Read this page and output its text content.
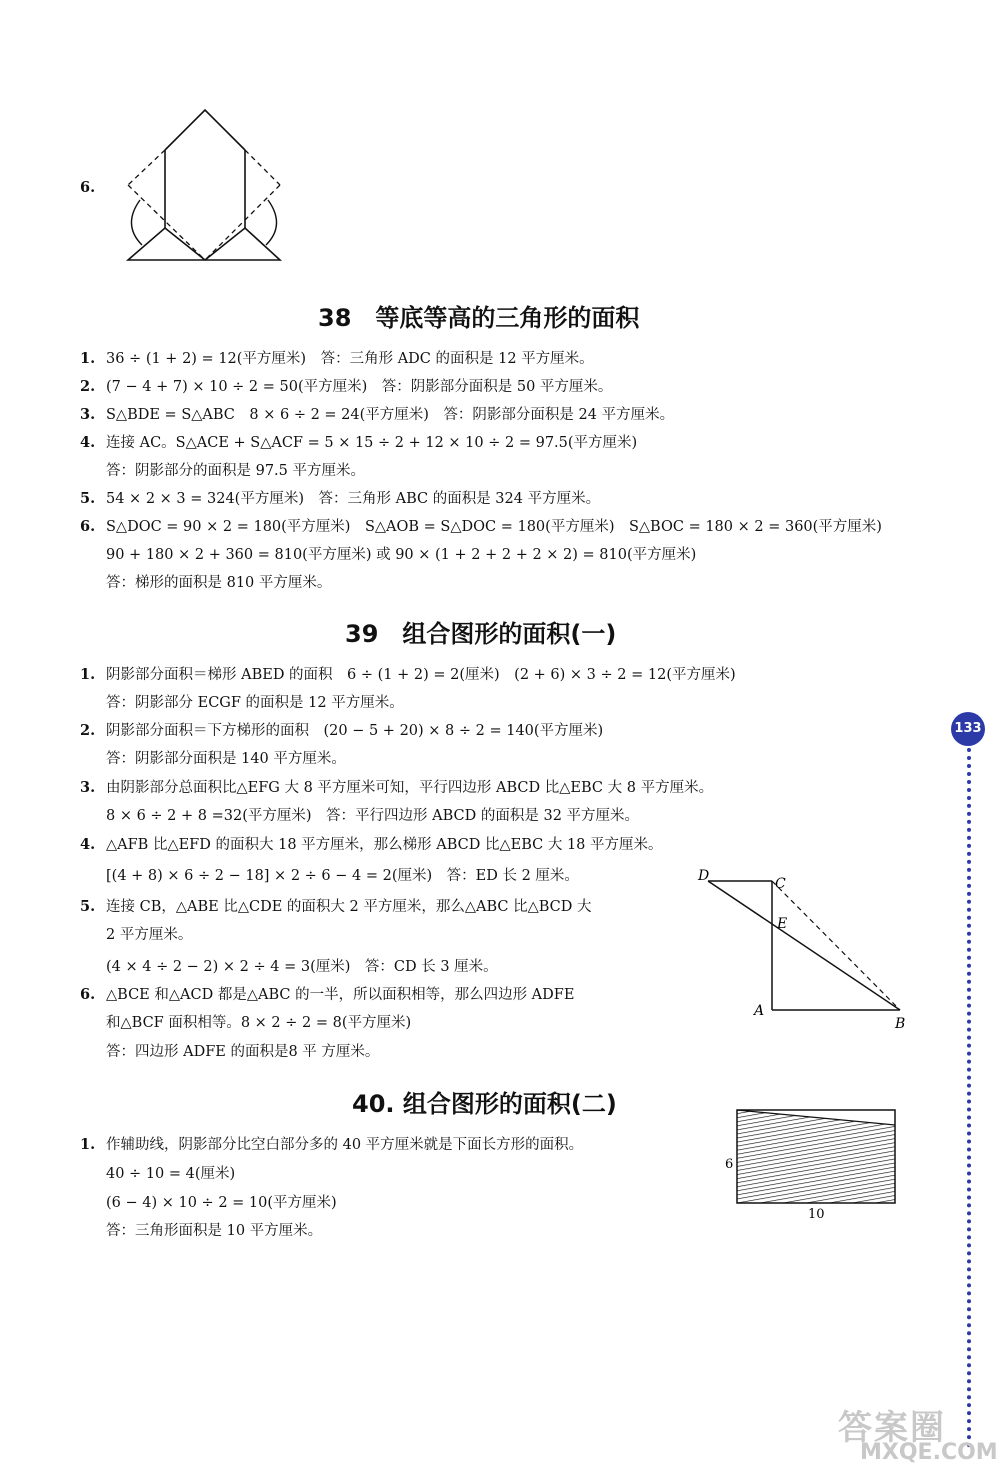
6.
38　等底等高的三角形的面积
1. 36 ÷ (1 + 2) = 12(平方厘米)　答：三角形 ADC 的面积是 12 平方厘米。
2. (7 − 4 + 7) × 10 ÷ 2 = 50(平方厘米)　答：阴影部分面积是 50 平方厘米。
3. S△BDE = S△ABC　8 × 6 ÷ 2 = 24(平方厘米)　答：阴影部分面积是 24 平方厘米。
4. 连接 AC。S△ACE + S△ACF = 5 × 15 ÷ 2 + 12 × 10 ÷ 2 = 97.5(平方厘米)
答：阴影部分的面积是 97.5 平方厘米。
5. 54 × 2 × 3 = 324(平方厘米)　答：三角形 ABC 的面积是 324 平方厘米。
6. S△DOC = 90 × 2 = 180(平方厘米)　S△AOB = S△DOC = 180(平方厘米)　S△BOC = 180 × 2 = 360(平方厘米)
90 + 180 × 2 + 360 = 810(平方厘米) 或 90 × (1 + 2 + 2 + 2 × 2) = 810(平方厘米)
答：梯形的面积是 810 平方厘米。
39　组合图形的面积(一)
1. 阴影部分面积＝梯形 ABED 的面积　6 ÷ (1 + 2) = 2(厘米)　(2 + 6) × 3 ÷ 2 = 12(平方厘米)
答：阴影部分 ECGF 的面积是 12 平方厘米。
2. 阴影部分面积＝下方梯形的面积　(20 − 5 + 20) × 8 ÷ 2 = 140(平方厘米)
答：阴影部分面积是 140 平方厘米。
3. 由阴影部分总面积比△EFG 大 8 平方厘米可知，平行四边形 ABCD 比△EBC 大 8 平方厘米。
8 × 6 ÷ 2 + 8 =32(平方厘米)　答：平行四边形 ABCD 的面积是 32 平方厘米。
4. △AFB 比△EFD 的面积大 18 平方厘米，那么梯形 ABCD 比△EBC 大 18 平方厘米。
[(4 + 8) × 6 ÷ 2 − 18] × 2 ÷ 6 − 4 = 2(厘米)　答：ED 长 2 厘米。
5. 连接 CB，△ABE 比△CDE 的面积大 2 平方厘米，那么△ABC 比△BCD 大
2 平方厘米。
(4 × 4 ÷ 2 − 2) × 2 ÷ 4 = 3(厘米)　答：CD 长 3 厘米。
6. △BCE 和△ACD 都是△ABC 的一半，所以面积相等，那么四边形 ADFE
和△BCF 面积相等。8 × 2 ÷ 2 = 8(平方厘米)
答：四边形 ADFE 的面积是8 平 方厘米。
D	C
E
A
B
40. 组合图形的面积(二)
1. 作辅助线，阴影部分比空白部分多的 40 平方厘米就是下面长方形的面积。
40 ÷ 10 = 4(厘米)
(6 − 4) × 10 ÷ 2 = 10(平方厘米)
答：三角形面积是 10 平方厘米。
6
10
133
答案圈
MXQE.COM
